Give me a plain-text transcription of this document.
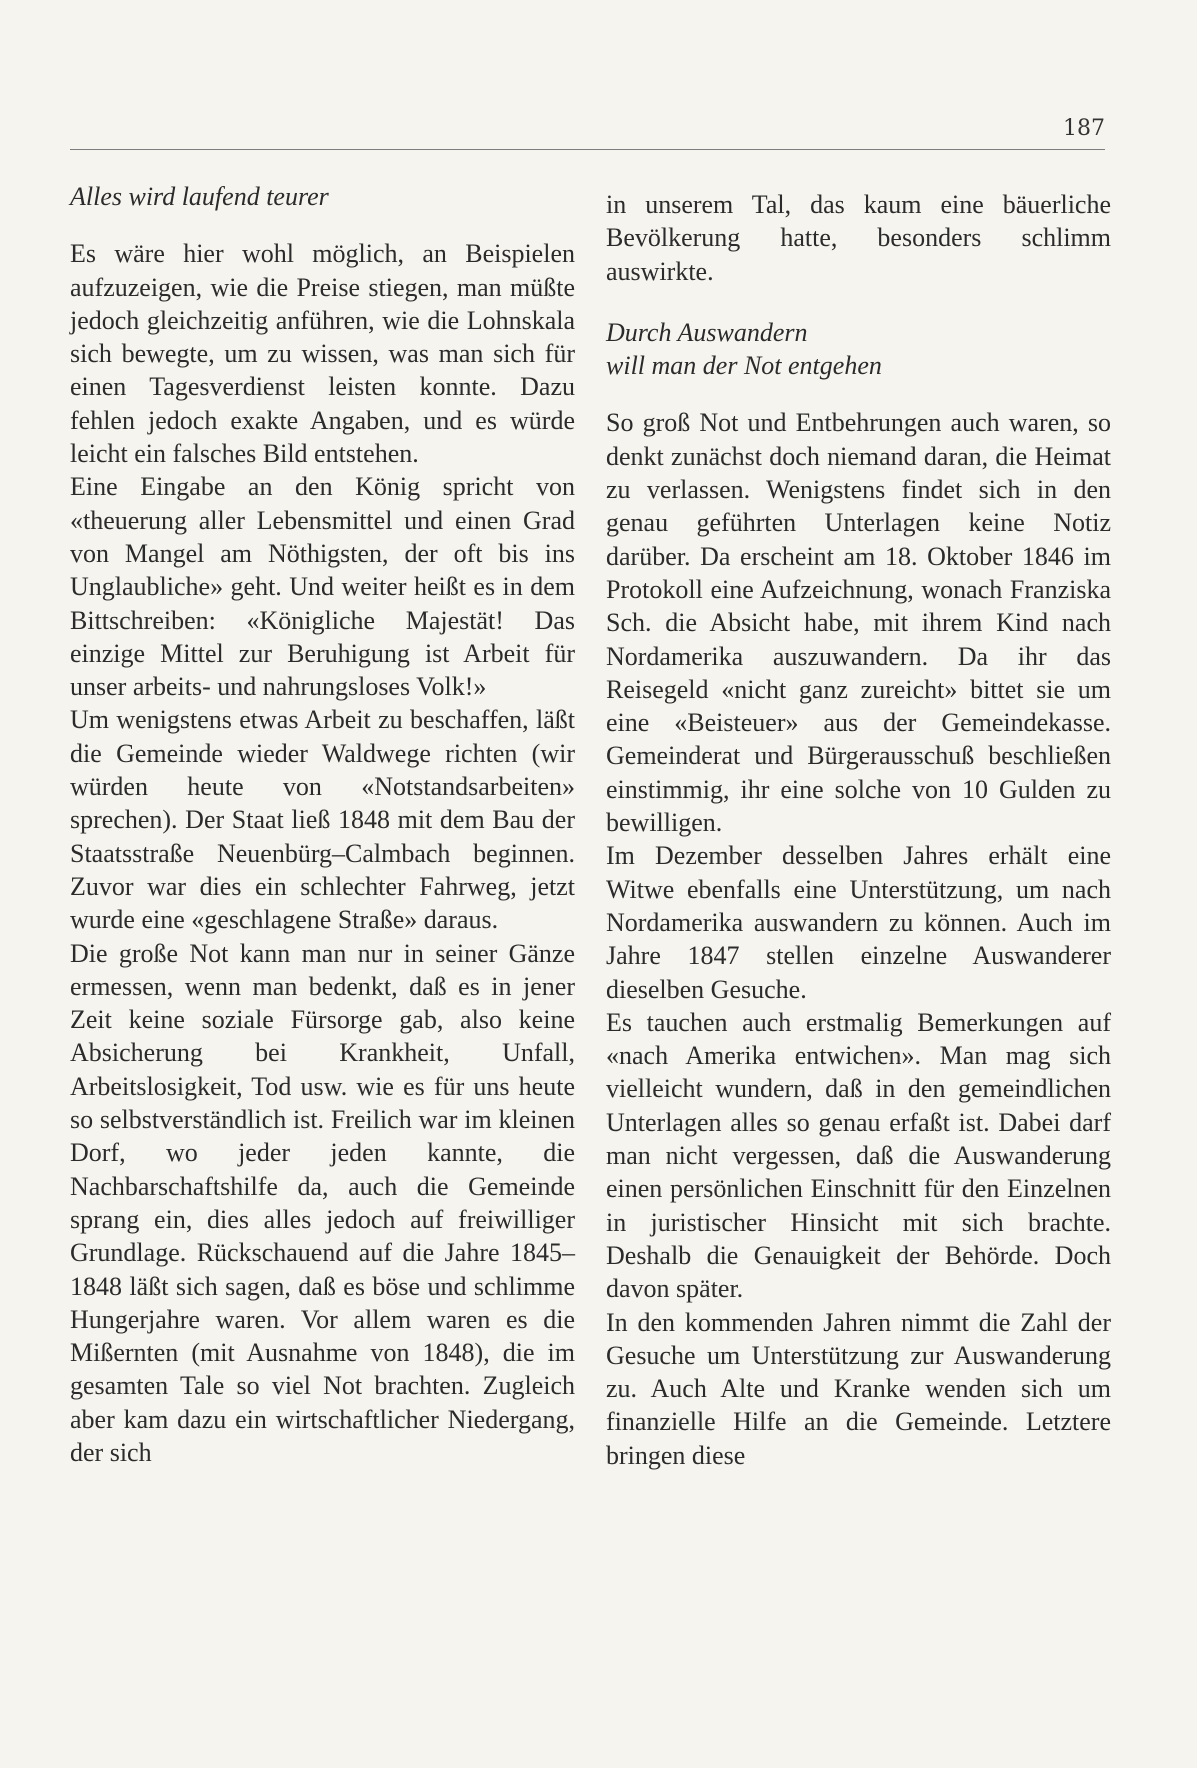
187

Alles wird laufend teurer

Es wäre hier wohl möglich, an Beispielen aufzuzeigen, wie die Preise stiegen, man müßte jedoch gleichzeitig anführen, wie die Lohnskala sich bewegte, um zu wissen, was man sich für einen Tagesverdienst leisten konnte. Dazu fehlen jedoch exakte Angaben, und es würde leicht ein falsches Bild entstehen.

Eine Eingabe an den König spricht von «theuerung aller Lebensmittel und einen Grad von Mangel am Nöthigsten, der oft bis ins Unglaubliche» geht. Und weiter heißt es in dem Bittschreiben: «Königliche Majestät! Das einzige Mittel zur Beruhigung ist Arbeit für unser arbeits- und nahrungsloses Volk!»

Um wenigstens etwas Arbeit zu beschaffen, läßt die Gemeinde wieder Waldwege richten (wir würden heute von «Notstandsarbeiten» sprechen). Der Staat ließ 1848 mit dem Bau der Staatsstraße Neuenbürg–Calmbach beginnen. Zuvor war dies ein schlechter Fahrweg, jetzt wurde eine «geschlagene Straße» daraus.

Die große Not kann man nur in seiner Gänze ermessen, wenn man bedenkt, daß es in jener Zeit keine soziale Fürsorge gab, also keine Absicherung bei Krankheit, Unfall, Arbeitslosigkeit, Tod usw. wie es für uns heute so selbstverständlich ist. Freilich war im kleinen Dorf, wo jeder jeden kannte, die Nachbarschaftshilfe da, auch die Gemeinde sprang ein, dies alles jedoch auf freiwilliger Grundlage. Rückschauend auf die Jahre 1845–1848 läßt sich sagen, daß es böse und schlimme Hungerjahre waren. Vor allem waren es die Mißernten (mit Ausnahme von 1848), die im gesamten Tale so viel Not brachten. Zugleich aber kam dazu ein wirtschaftlicher Niedergang, der sich

in unserem Tal, das kaum eine bäuerliche Bevölkerung hatte, besonders schlimm auswirkte.

Durch Auswandern
will man der Not entgehen

So groß Not und Entbehrungen auch waren, so denkt zunächst doch niemand daran, die Heimat zu verlassen. Wenigstens findet sich in den genau geführten Unterlagen keine Notiz darüber. Da erscheint am 18. Oktober 1846 im Protokoll eine Aufzeichnung, wonach Franziska Sch. die Absicht habe, mit ihrem Kind nach Nordamerika auszuwandern. Da ihr das Reisegeld «nicht ganz zureicht» bittet sie um eine «Beisteuer» aus der Gemeindekasse. Gemeinderat und Bürgerausschuß beschließen einstimmig, ihr eine solche von 10 Gulden zu bewilligen.

Im Dezember desselben Jahres erhält eine Witwe ebenfalls eine Unterstützung, um nach Nordamerika auswandern zu können. Auch im Jahre 1847 stellen einzelne Auswanderer dieselben Gesuche.

Es tauchen auch erstmalig Bemerkungen auf «nach Amerika entwichen». Man mag sich vielleicht wundern, daß in den gemeindlichen Unterlagen alles so genau erfaßt ist. Dabei darf man nicht vergessen, daß die Auswanderung einen persönlichen Einschnitt für den Einzelnen in juristischer Hinsicht mit sich brachte. Deshalb die Genauigkeit der Behörde. Doch davon später.

In den kommenden Jahren nimmt die Zahl der Gesuche um Unterstützung zur Auswanderung zu. Auch Alte und Kranke wenden sich um finanzielle Hilfe an die Gemeinde. Letztere bringen diese
